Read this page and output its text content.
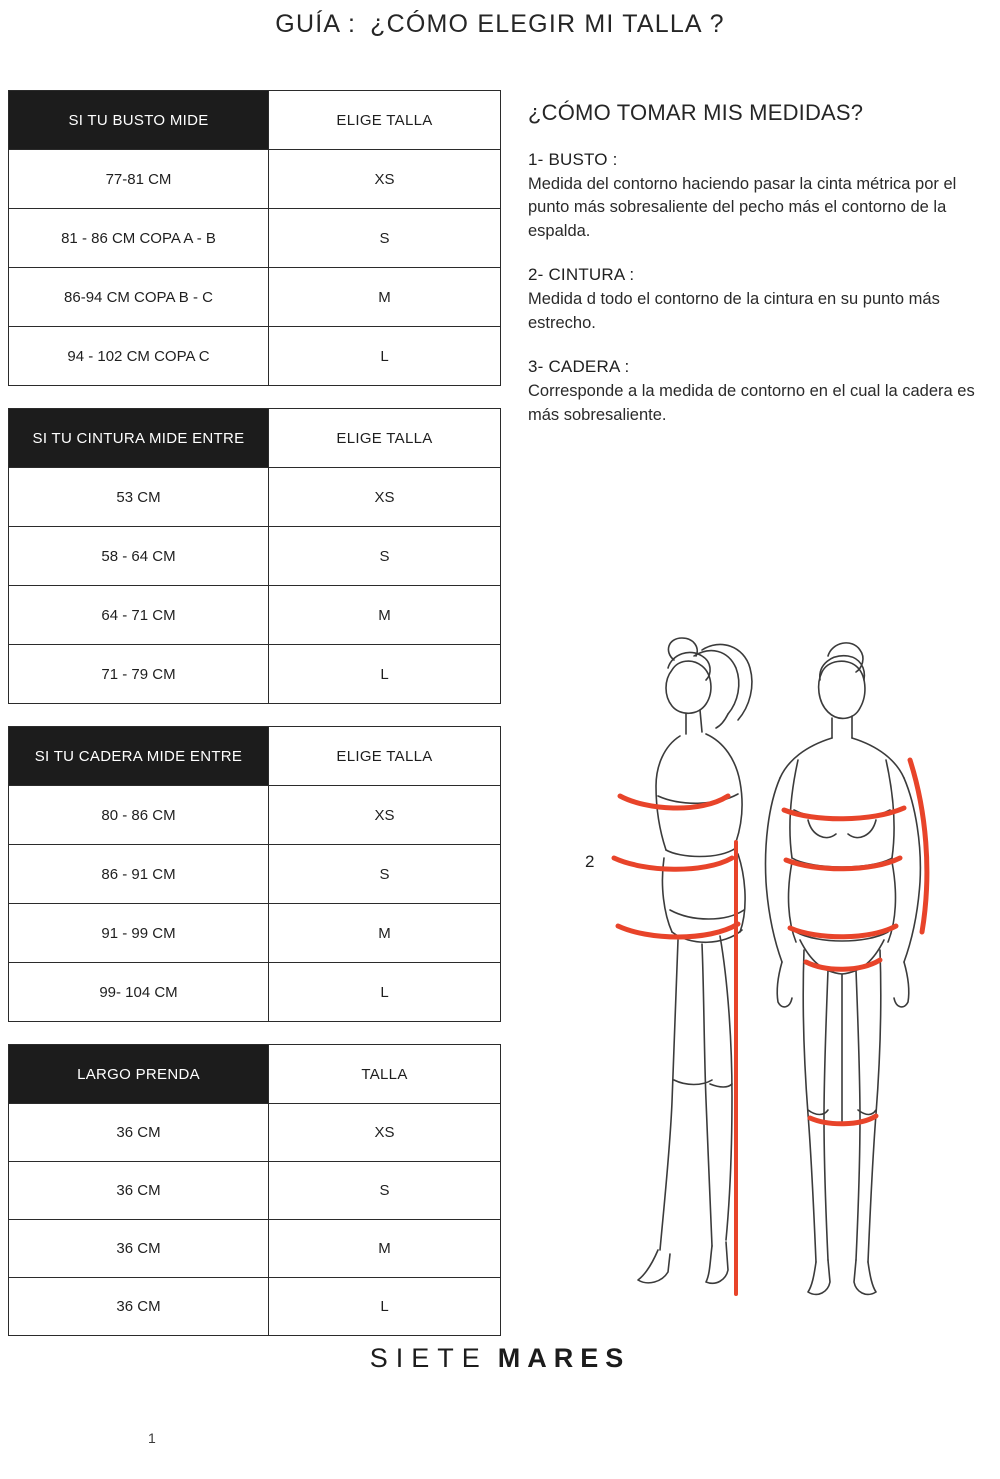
GUÍA : ¿CÓMO ELEGIR MI TALLA ?
SI TU BUSTO MIDE	ELIGE TALLA
77-81 CM	XS
81 - 86 CM COPA A - B	S
86-94 CM COPA B - C	M
94 - 102 CM COPA C	L
SI TU CINTURA MIDE ENTRE	ELIGE TALLA
53 CM	XS
58 - 64 CM	S
64 - 71 CM	M
71 - 79 CM	L
SI TU CADERA MIDE ENTRE	ELIGE TALLA
80 - 86 CM	XS
86 - 91 CM	S
91 - 99 CM	M
99- 104 CM	L
LARGO PRENDA	TALLA
36 CM	XS
36 CM	S
36 CM	M
36 CM	L
¿CÓMO TOMAR MIS MEDIDAS?
1- BUSTO :
Medida del contorno haciendo pasar la cinta métrica por el punto más sobresaliente del pecho más el contorno de la espalda.
2- CINTURA :
Medida d todo el contorno de la cintura en su punto más estrecho.
3- CADERA :
Corresponde a la medida de contorno en el cual la cadera es más sobresaliente.
2
SIETE MARES
1
